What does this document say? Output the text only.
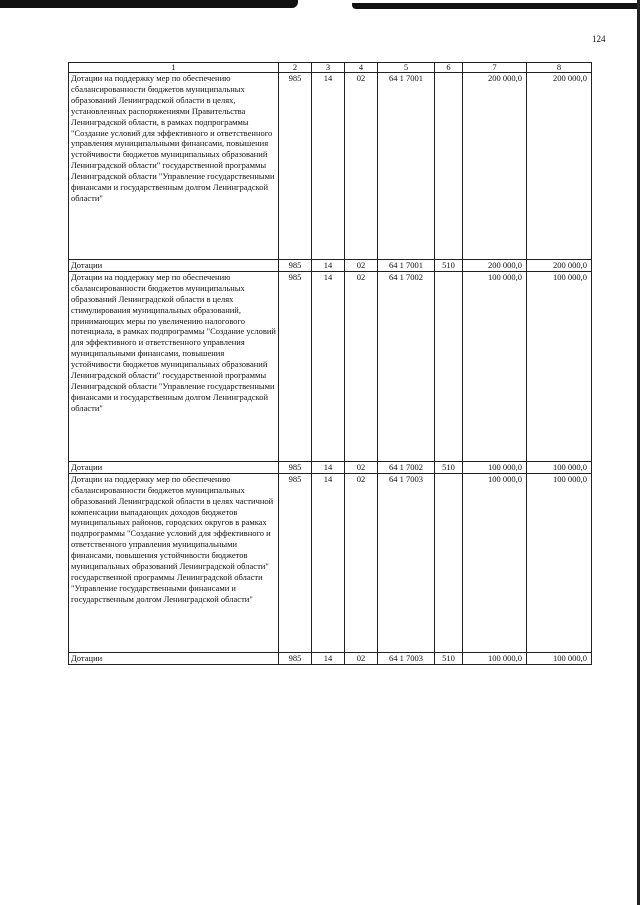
124
1	2	3	4	5	6	7	8
Дотации на поддержку мер по обеспечению сбалансированности бюджетов муниципальных образований Ленинградской области в целях, установленных распоряжениями Правительства Ленинградской области, в рамках подпрограммы "Создание условий для эффективного и ответственного управления муниципальными финансами, повышения устойчивости бюджетов муниципальных образований Ленинградской области" государственной программы Ленинградской области "Управление государственными финансами и государственным долгом Ленинградской области"	985	14	02	64 1 7001		200 000,0	200 000,0
Дотации	985	14	02	64 1 7001	510	200 000,0	200 000,0
Дотации на поддержку мер по обеспечению сбалансированности бюджетов муниципальных образований Ленинградской области в целях стимулирования муниципальных образований, принимающих меры по увеличению налогового потенциала, в рамках подпрограммы "Создание условий для эффективного и ответственного управления муниципальными финансами, повышения устойчивости бюджетов муниципальных образований Ленинградской области" государственной программы Ленинградской области "Управление государственными финансами и государственным долгом Ленинградской области"	985	14	02	64 1 7002		100 000,0	100 000,0
Дотации	985	14	02	64 1 7002	510	100 000,0	100 000,0
Дотации на поддержку мер по обеспечению сбалансированности бюджетов муниципальных образований Ленинградской области в целях частичной компенсации выпадающих доходов бюджетов муниципальных районов, городских округов в рамках подпрограммы "Создание условий для эффективного и ответственного управления муниципальными финансами, повышения устойчивости бюджетов муниципальных образований Ленинградской области" государственной программы Ленинградской области "Управление государственными финансами и государственным долгом Ленинградской области"	985	14	02	64 1 7003		100 000,0	100 000,0
Дотации	985	14	02	64 1 7003	510	100 000,0	100 000,0
